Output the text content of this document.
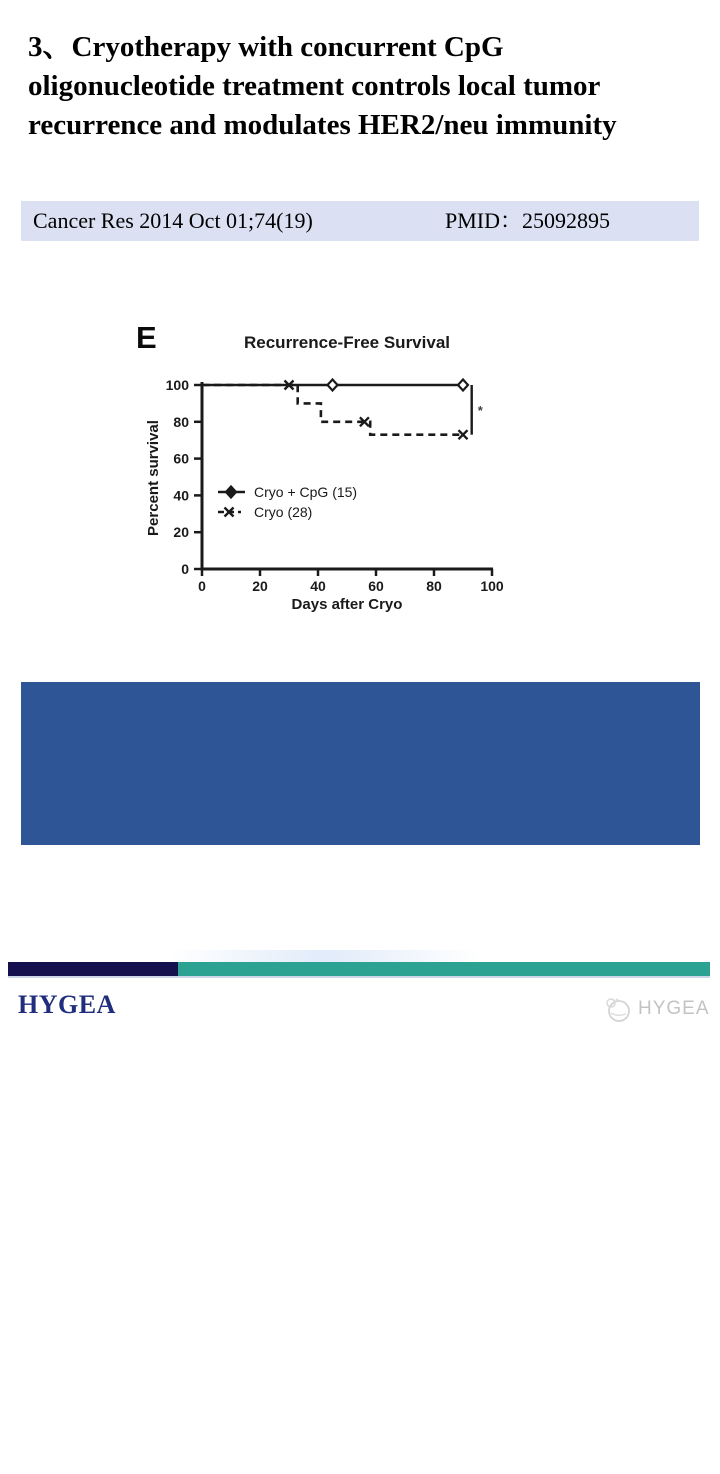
3、Cryotherapy with concurrent CpG
oligonucleotide treatment controls local tumor
recurrence and modulates HER2/neu immunity
Cancer Res 2014 Oct 01;74(19)	PMID：25092895
E	Recurrence-Free Survival
Percent survival
Days after Cryo
0
20
40
60
80
100
0	20	40	60	80	100
*
Cryo + CpG (15)
Cryo (28)
重要结果：
冷冻消融联合免疫治疗的无复发生存率更好。
HYGEA	HYGEA
